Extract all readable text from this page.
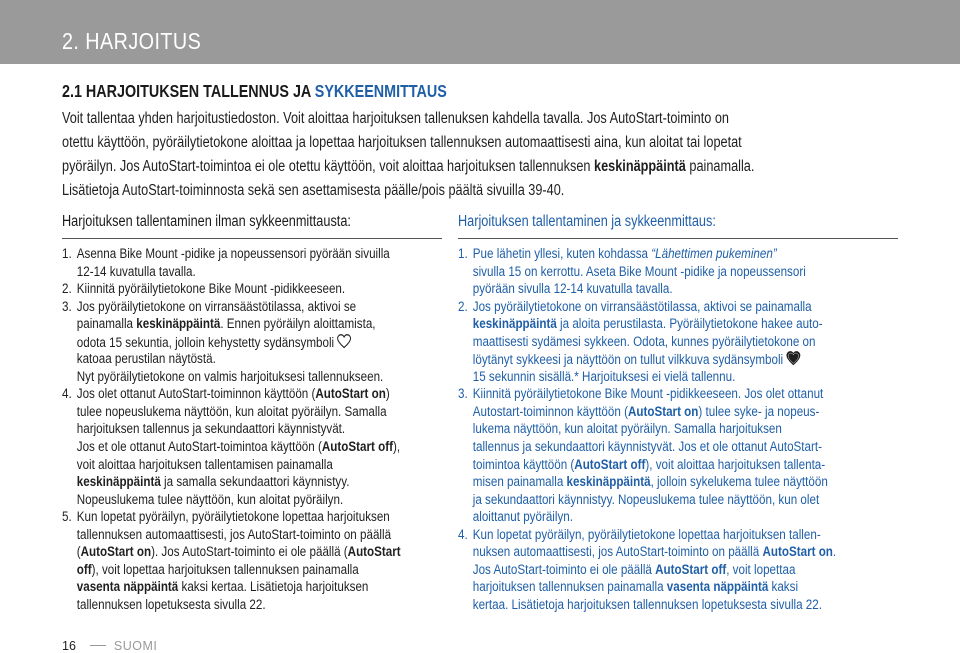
2. HARJOITUS
2.1 HARJOITUKSEN TALLENNUS JA SYKKEENMITTAUS
Voit tallentaa yhden harjoitustiedoston. Voit aloittaa harjoituksen tallenuksen kahdella tavalla. Jos AutoStart-toiminto on
otettu käyttöön, pyöräilytietokone aloittaa ja lopettaa harjoituksen tallennuksen automaattisesti aina, kun aloitat tai lopetat
pyöräilyn. Jos AutoStart-toimintoa ei ole otettu käyttöön, voit aloittaa harjoituksen tallennuksen keskinäppäintä painamalla.
Lisätietoja AutoStart-toiminnosta sekä sen asettamisesta päälle/pois päältä sivuilla 39-40.
Harjoituksen tallentaminen ilman sykkeenmittausta:	Harjoituksen tallentaminen ja sykkeenmittaus:
1. Asenna Bike Mount -pidike ja nopeussensori pyörään sivuilla
12-14 kuvatulla tavalla.
2. Kiinnitä pyöräilytietokone Bike Mount -pidikkeeseen.
3. Jos pyöräilytietokone on virransäästötilassa, aktivoi se
painamalla keskinäppäintä. Ennen pyöräilyn aloittamista,
odota 15 sekuntia, jolloin kehystetty sydänsymboli
katoaa perustilan näytöstä.
Nyt pyöräilytietokone on valmis harjoituksesi tallennukseen.
4. Jos olet ottanut AutoStart-toiminnon käyttöön (AutoStart on)
tulee nopeuslukema näyttöön, kun aloitat pyöräilyn. Samalla
harjoituksen tallennus ja sekundaattori käynnistyvät.
Jos et ole ottanut AutoStart-toimintoa käyttöön (AutoStart off),
voit aloittaa harjoituksen tallentamisen painamalla
keskinäppäintä ja samalla sekundaattori käynnistyy.
Nopeuslukema tulee näyttöön, kun aloitat pyöräilyn.
5. Kun lopetat pyöräilyn, pyöräilytietokone lopettaa harjoituksen
tallennuksen automaattisesti, jos AutoStart-toiminto on päällä
(AutoStart on). Jos AutoStart-toiminto ei ole päällä (AutoStart
off), voit lopettaa harjoituksen tallennuksen painamalla
vasenta näppäintä kaksi kertaa. Lisätietoja harjoituksen
tallennuksen lopetuksesta sivulla 22.
1. Pue lähetin yllesi, kuten kohdassa “Lähettimen pukeminen”
sivulla 15 on kerrottu. Aseta Bike Mount -pidike ja nopeussensori
pyörään sivulla 12-14 kuvatulla tavalla.
2. Jos pyöräilytietokone on virransäästötilassa, aktivoi se painamalla
keskinäppäintä ja aloita perustilasta. Pyöräilytietokone hakee auto-
maattisesti sydämesi sykkeen. Odota, kunnes pyöräilytietokone on
löytänyt sykkeesi ja näyttöön on tullut vilkkuva sydänsymboli
15 sekunnin sisällä.* Harjoituksesi ei vielä tallennu.
3. Kiinnitä pyöräilytietokone Bike Mount -pidikkeeseen. Jos olet ottanut
Autostart-toiminnon käyttöön (AutoStart on) tulee syke- ja nopeus-
lukema näyttöön, kun aloitat pyöräilyn. Samalla harjoituksen
tallennus ja sekundaattori käynnistyvät. Jos et ole ottanut AutoStart-
toimintoa käyttöön (AutoStart off), voit aloittaa harjoituksen tallenta-
misen painamalla keskinäppäintä, jolloin sykelukema tulee näyttöön
ja sekundaattori käynnistyy. Nopeuslukema tulee näyttöön, kun olet
aloittanut pyöräilyn.
4. Kun lopetat pyöräilyn, pyöräilytietokone lopettaa harjoituksen tallen-
nuksen automaattisesti, jos AutoStart-toiminto on päällä AutoStart on.
Jos AutoStart-toiminto ei ole päällä AutoStart off, voit lopettaa
harjoituksen tallennuksen painamalla vasenta näppäintä kaksi
kertaa. Lisätietoja harjoituksen tallennuksen lopetuksesta sivulla 22.
16	SUOMI
